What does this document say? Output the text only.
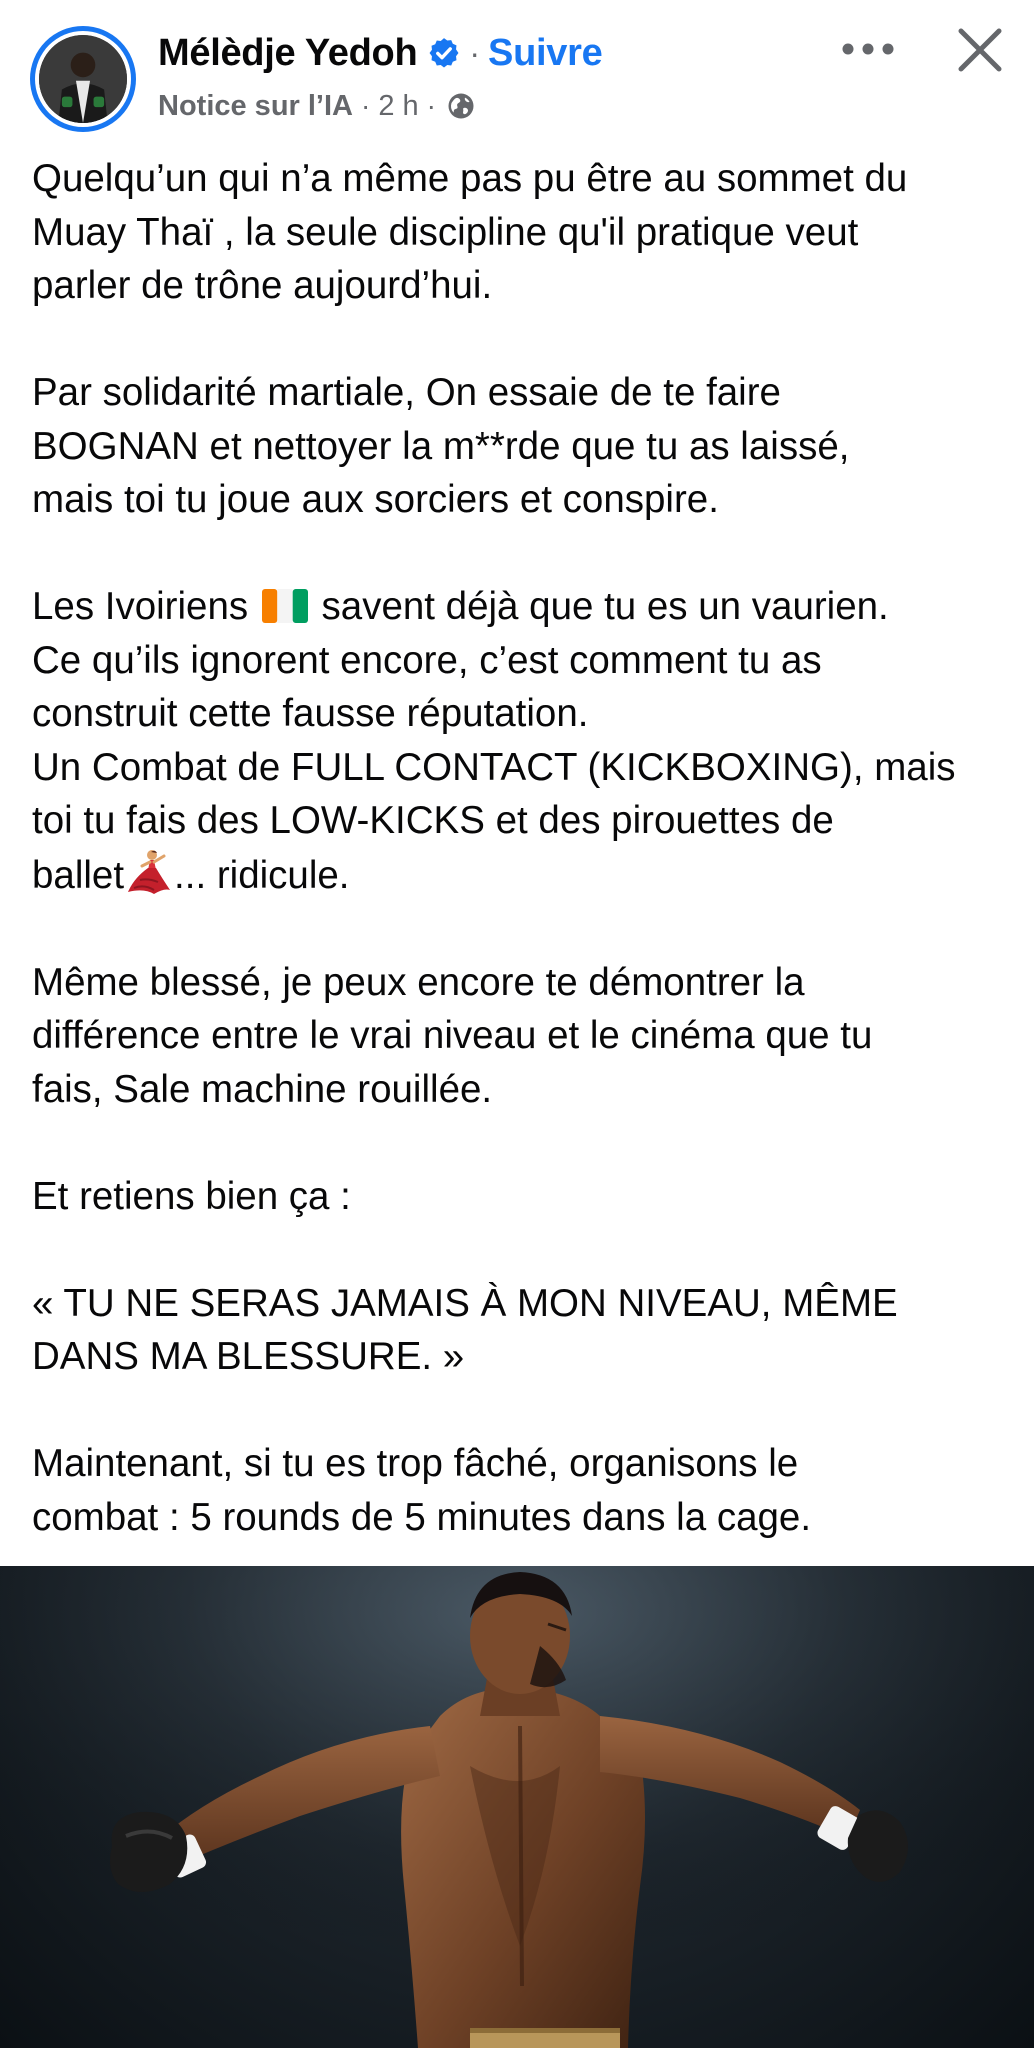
Mélèdje Yedoh · Suivre
Notice sur l’IA · 2 h ·

Quelqu’un qui n’a même pas pu être au sommet du
Muay Thaï , la seule discipline qu'il pratique veut
parler de trône aujourd’hui.

Par solidarité martiale, On essaie de te faire
BOGNAN et nettoyer la m**rde que tu as laissé,
mais toi tu joue aux sorciers et conspire.

Les Ivoiriens savent déjà que tu es un vaurien.
Ce qu’ils ignorent encore, c’est comment tu as
construit cette fausse réputation.
Un Combat de FULL CONTACT (KICKBOXING), mais
toi tu fais des LOW-KICKS et des pirouettes de
ballet ... ridicule.

Même blessé, je peux encore te démontrer la
différence entre le vrai niveau et le cinéma que tu
fais, Sale machine rouillée.

Et retiens bien ça :

« TU NE SERAS JAMAIS À MON NIVEAU, MÊME
DANS MA BLESSURE. »

Maintenant, si tu es trop fâché, organisons le
combat : 5 rounds de 5 minutes dans la cage.
